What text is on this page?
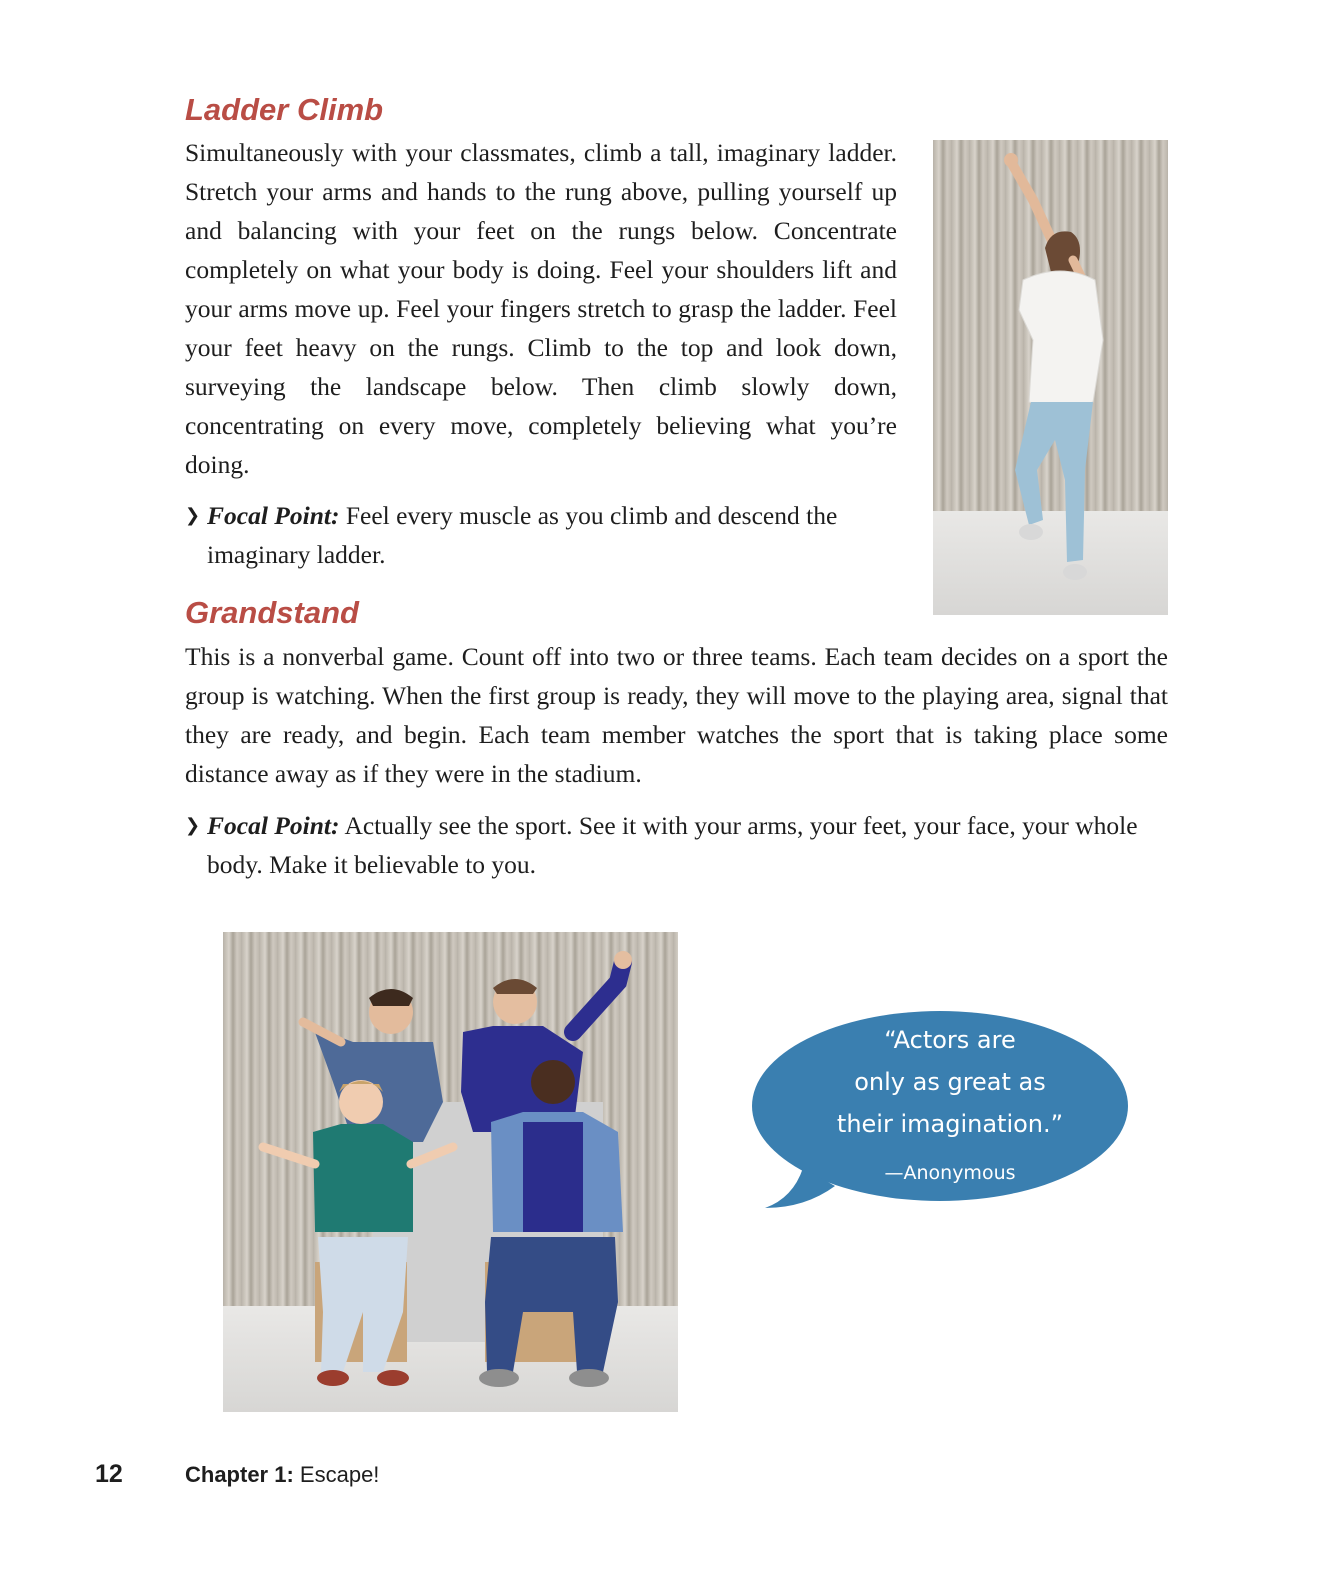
Ladder Climb

Simultaneously with your classmates, climb a tall, imaginary ladder. Stretch your arms and hands to the rung above, pulling yourself up and balancing with your feet on the rungs below. Concentrate completely on what your body is doing. Feel your shoulders lift and your arms move up. Feel your fingers stretch to grasp the ladder. Feel your feet heavy on the rungs. Climb to the top and look down, surveying the landscape below. Then climb slowly down, concentrating on every move, completely believing what you’re doing.

❯ Focal Point: Feel every muscle as you climb and descend the imaginary ladder.
Grandstand

This is a nonverbal game. Count off into two or three teams. Each team decides on a sport the group is watching. When the first group is ready, they will move to the playing area, signal that they are ready, and begin. Each team member watches the sport that is taking place some distance away as if they were in the stadium.

❯ Focal Point: Actually see the sport. See it with your arms, your feet, your face, your whole body. Make it believable to you.
“Actors are
only as great as
their imagination.”
—Anonymous
12	Chapter 1: Escape!
